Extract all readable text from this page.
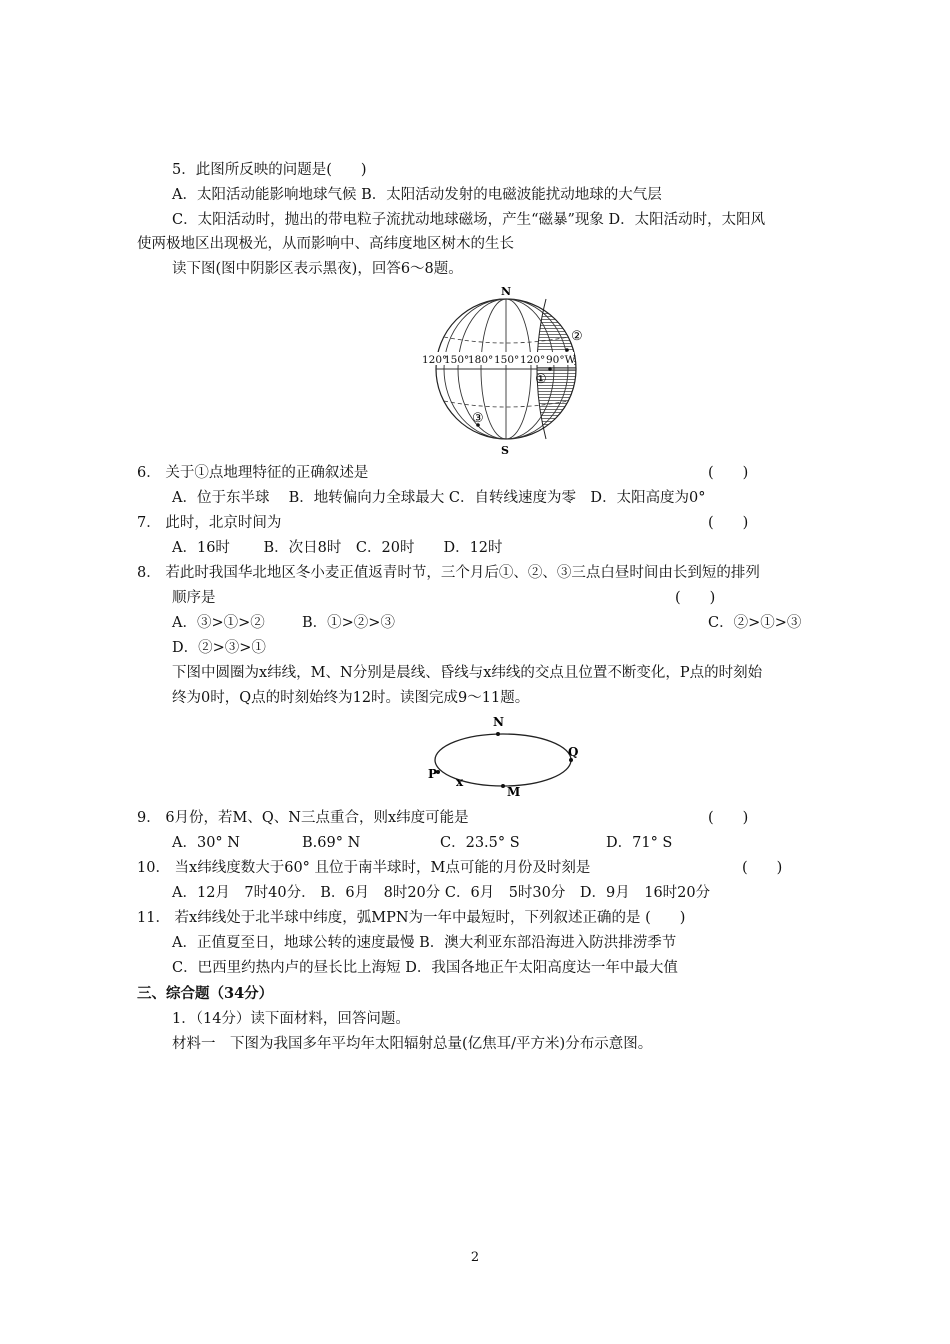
5．此图所反映的问题是(　　)
A．太阳活动能影响地球气候 B．太阳活动发射的电磁波能扰动地球的大气层
C．太阳活动时，抛出的带电粒子流扰动地球磁场，产生“磁暴”现象 D．太阳活动时，太阳风
使两极地区出现极光，从而影响中、高纬度地区树木的生长
读下图(图中阴影区表示黑夜)，回答6～8题。
120°
150°
180° 150° 120° 90°W
N
S
②
①
③
6． 关于①点地理特征的正确叙述是	(　　)
A．位于东半球　 B．地转偏向力全球最大 C．自转线速度为零　D．太阳高度为0°
7． 此时，北京时间为	(　　)
A．16时　　 B．次日8时　C．20时　　D．12时
8． 若此时我国华北地区冬小麦正值返青时节，三个月后①、②、③三点白昼时间由长到短的排列
顺序是	(　　)
A．③>①>②	B．①>②>③	C．②>①>③
D．②>③>①
下图中圆圈为x纬线，M、N分别是晨线、昏线与x纬线的交点且位置不断变化，P点的时刻始
终为0时，Q点的时刻始终为12时。读图完成9～11题。
N
Q
P
x
M
9． 6月份，若M、Q、N三点重合，则x纬度可能是	(　　)
A．30° N	B.69° N	C．23.5° S	D．71° S
10． 当x纬线度数大于60° 且位于南半球时，M点可能的月份及时刻是	(　　)
A．12月　7时40分． B．6月　8时20分 C．6月　5时30分　D．9月　16时20分
11． 若x纬线处于北半球中纬度，弧MPN为一年中最短时，下列叙述正确的是 (　　)
A．正值夏至日，地球公转的速度最慢 B．澳大利亚东部沿海进入防洪排涝季节
C．巴西里约热内卢的昼长比上海短 D．我国各地正午太阳高度达一年中最大值
三、综合题（34分）
1．（14分）读下面材料，回答问题。
材料一　下图为我国多年平均年太阳辐射总量(亿焦耳/平方米)分布示意图。
2
